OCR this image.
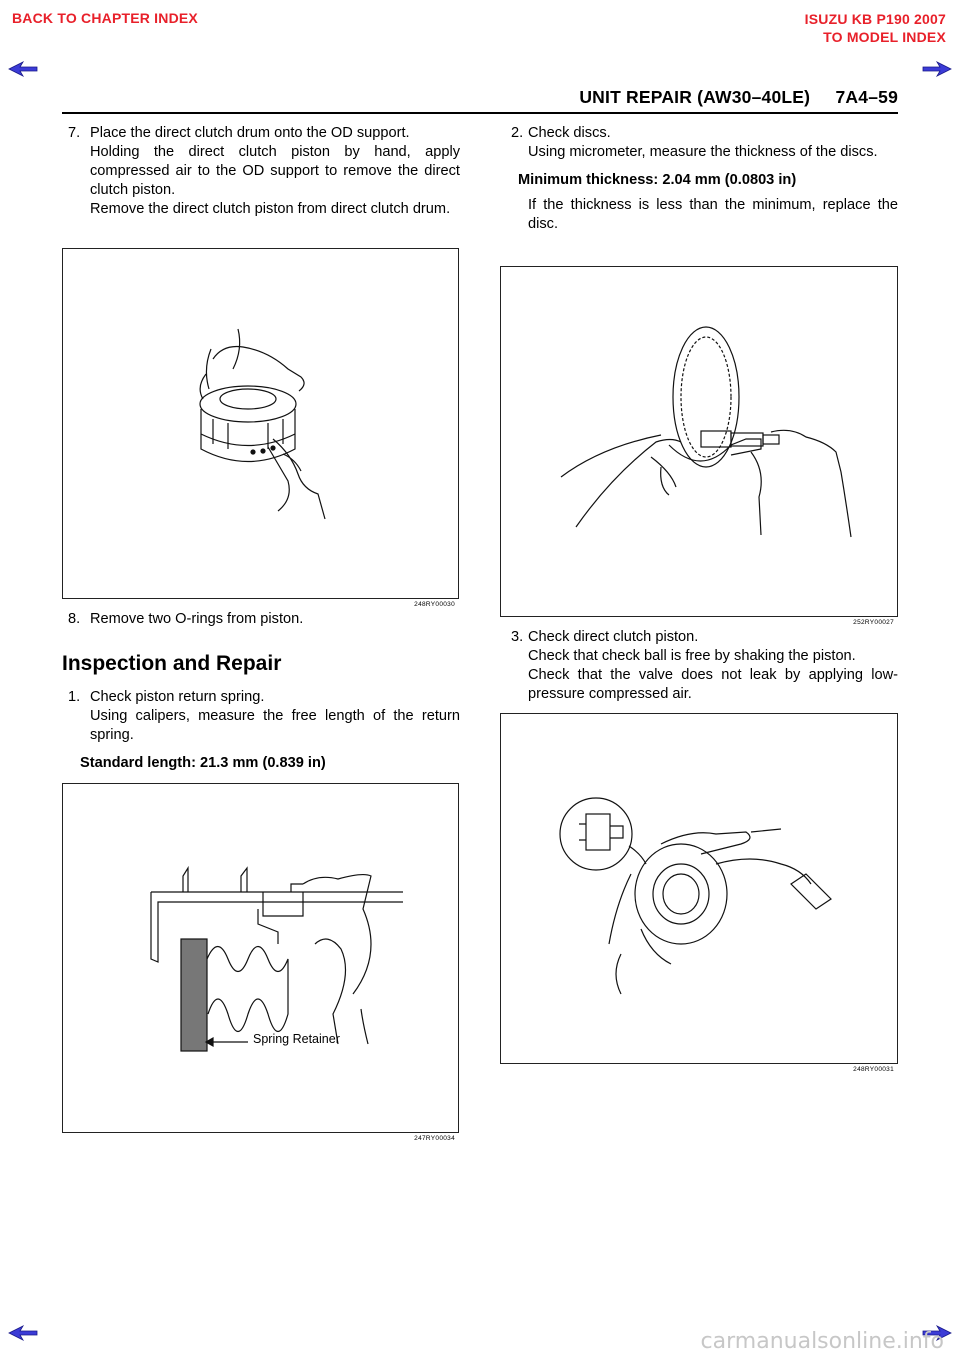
BACK TO CHAPTER INDEX	ISUZU KB P190 2007
TO MODEL INDEX
UNIT REPAIR (AW30–40LE)     7A4–59
7. Place the direct clutch drum onto the OD support.
Holding the direct clutch piston by hand, apply compressed air to the OD support to remove the direct clutch piston.
Remove the direct clutch piston from direct clutch drum.
248RY00030
8. Remove two O-rings from piston.
Inspection and Repair
1. Check piston return spring.
Using calipers, measure the free length of the return spring.
Standard length: 21.3 mm (0.839 in)
Spring Retainer
247RY00034
2. Check discs.
Using micrometer, measure the thickness of the discs.
Minimum thickness: 2.04 mm (0.0803 in)
If the thickness is less than the minimum, replace the disc.
252RY00027
3. Check direct clutch piston.
Check that check ball is free by shaking the piston.
Check that the valve does not leak by applying low-pressure compressed air.
248RY00031
carmanualsonline.info
